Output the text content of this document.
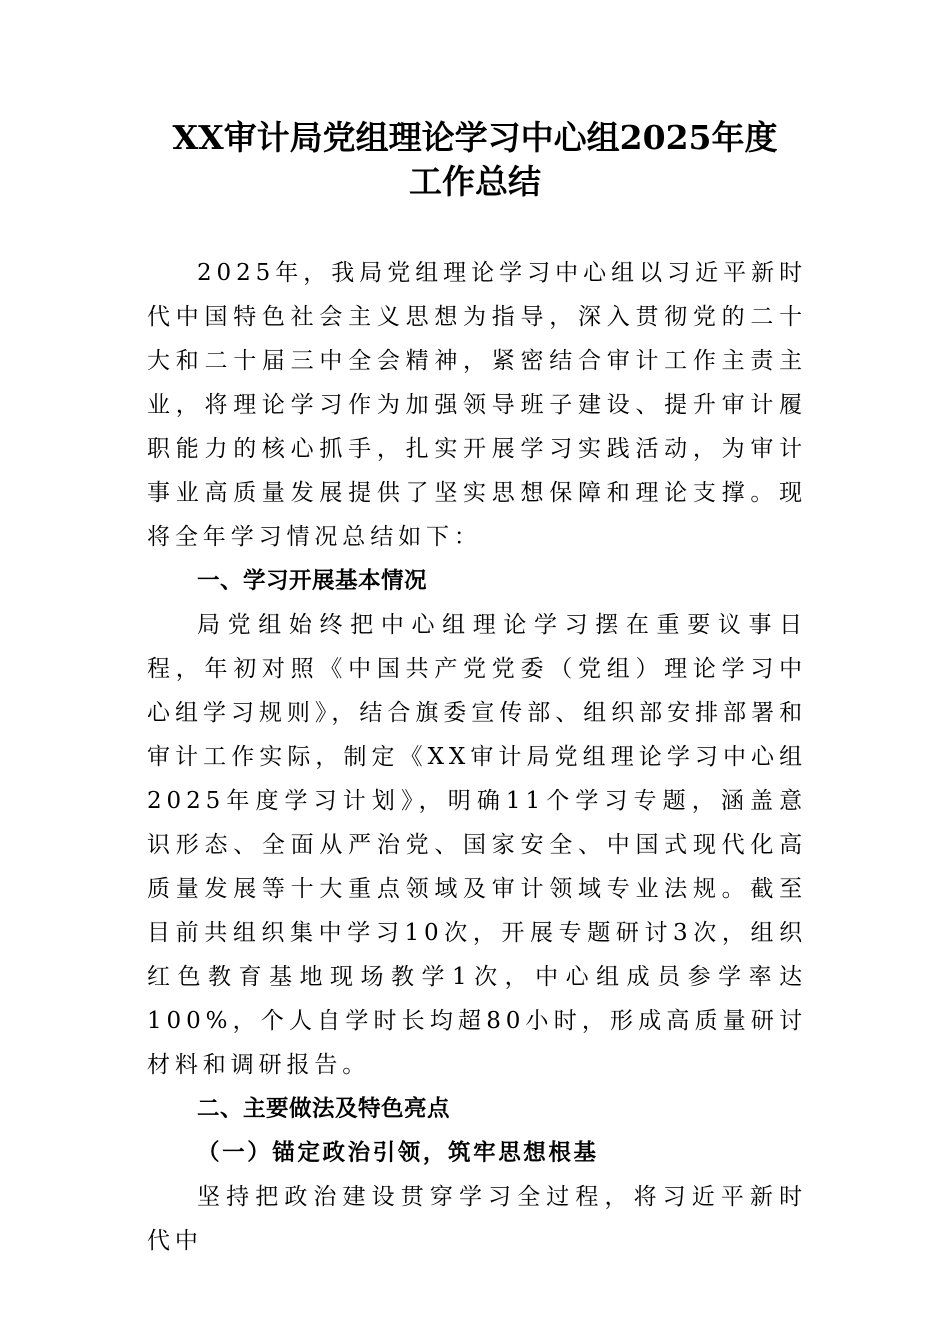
XX审计局党组理论学习中心组2025年度
工作总结

2025年，我局党组理论学习中心组以习近平新时代中国特色社会主义思想为指导，深入贯彻党的二十大和二十届三中全会精神，紧密结合审计工作主责主业，将理论学习作为加强领导班子建设、提升审计履职能力的核心抓手，扎实开展学习实践活动，为审计事业高质量发展提供了坚实思想保障和理论支撑。现将全年学习情况总结如下：

一、学习开展基本情况

局党组始终把中心组理论学习摆在重要议事日程，年初对照《中国共产党党委（党组）理论学习中心组学习规则》，结合旗委宣传部、组织部安排部署和审计工作实际，制定《XX审计局党组理论学习中心组2025年度学习计划》，明确11个学习专题，涵盖意识形态、全面从严治党、国家安全、中国式现代化高质量发展等十大重点领域及审计领域专业法规。截至目前共组织集中学习10次，开展专题研讨3次，组织红色教育基地现场教学1次，中心组成员参学率达100%，个人自学时长均超80小时，形成高质量研讨材料和调研报告。

二、主要做法及特色亮点
（一）锚定政治引领，筑牢思想根基

坚持把政治建设贯穿学习全过程，将习近平新时代中
